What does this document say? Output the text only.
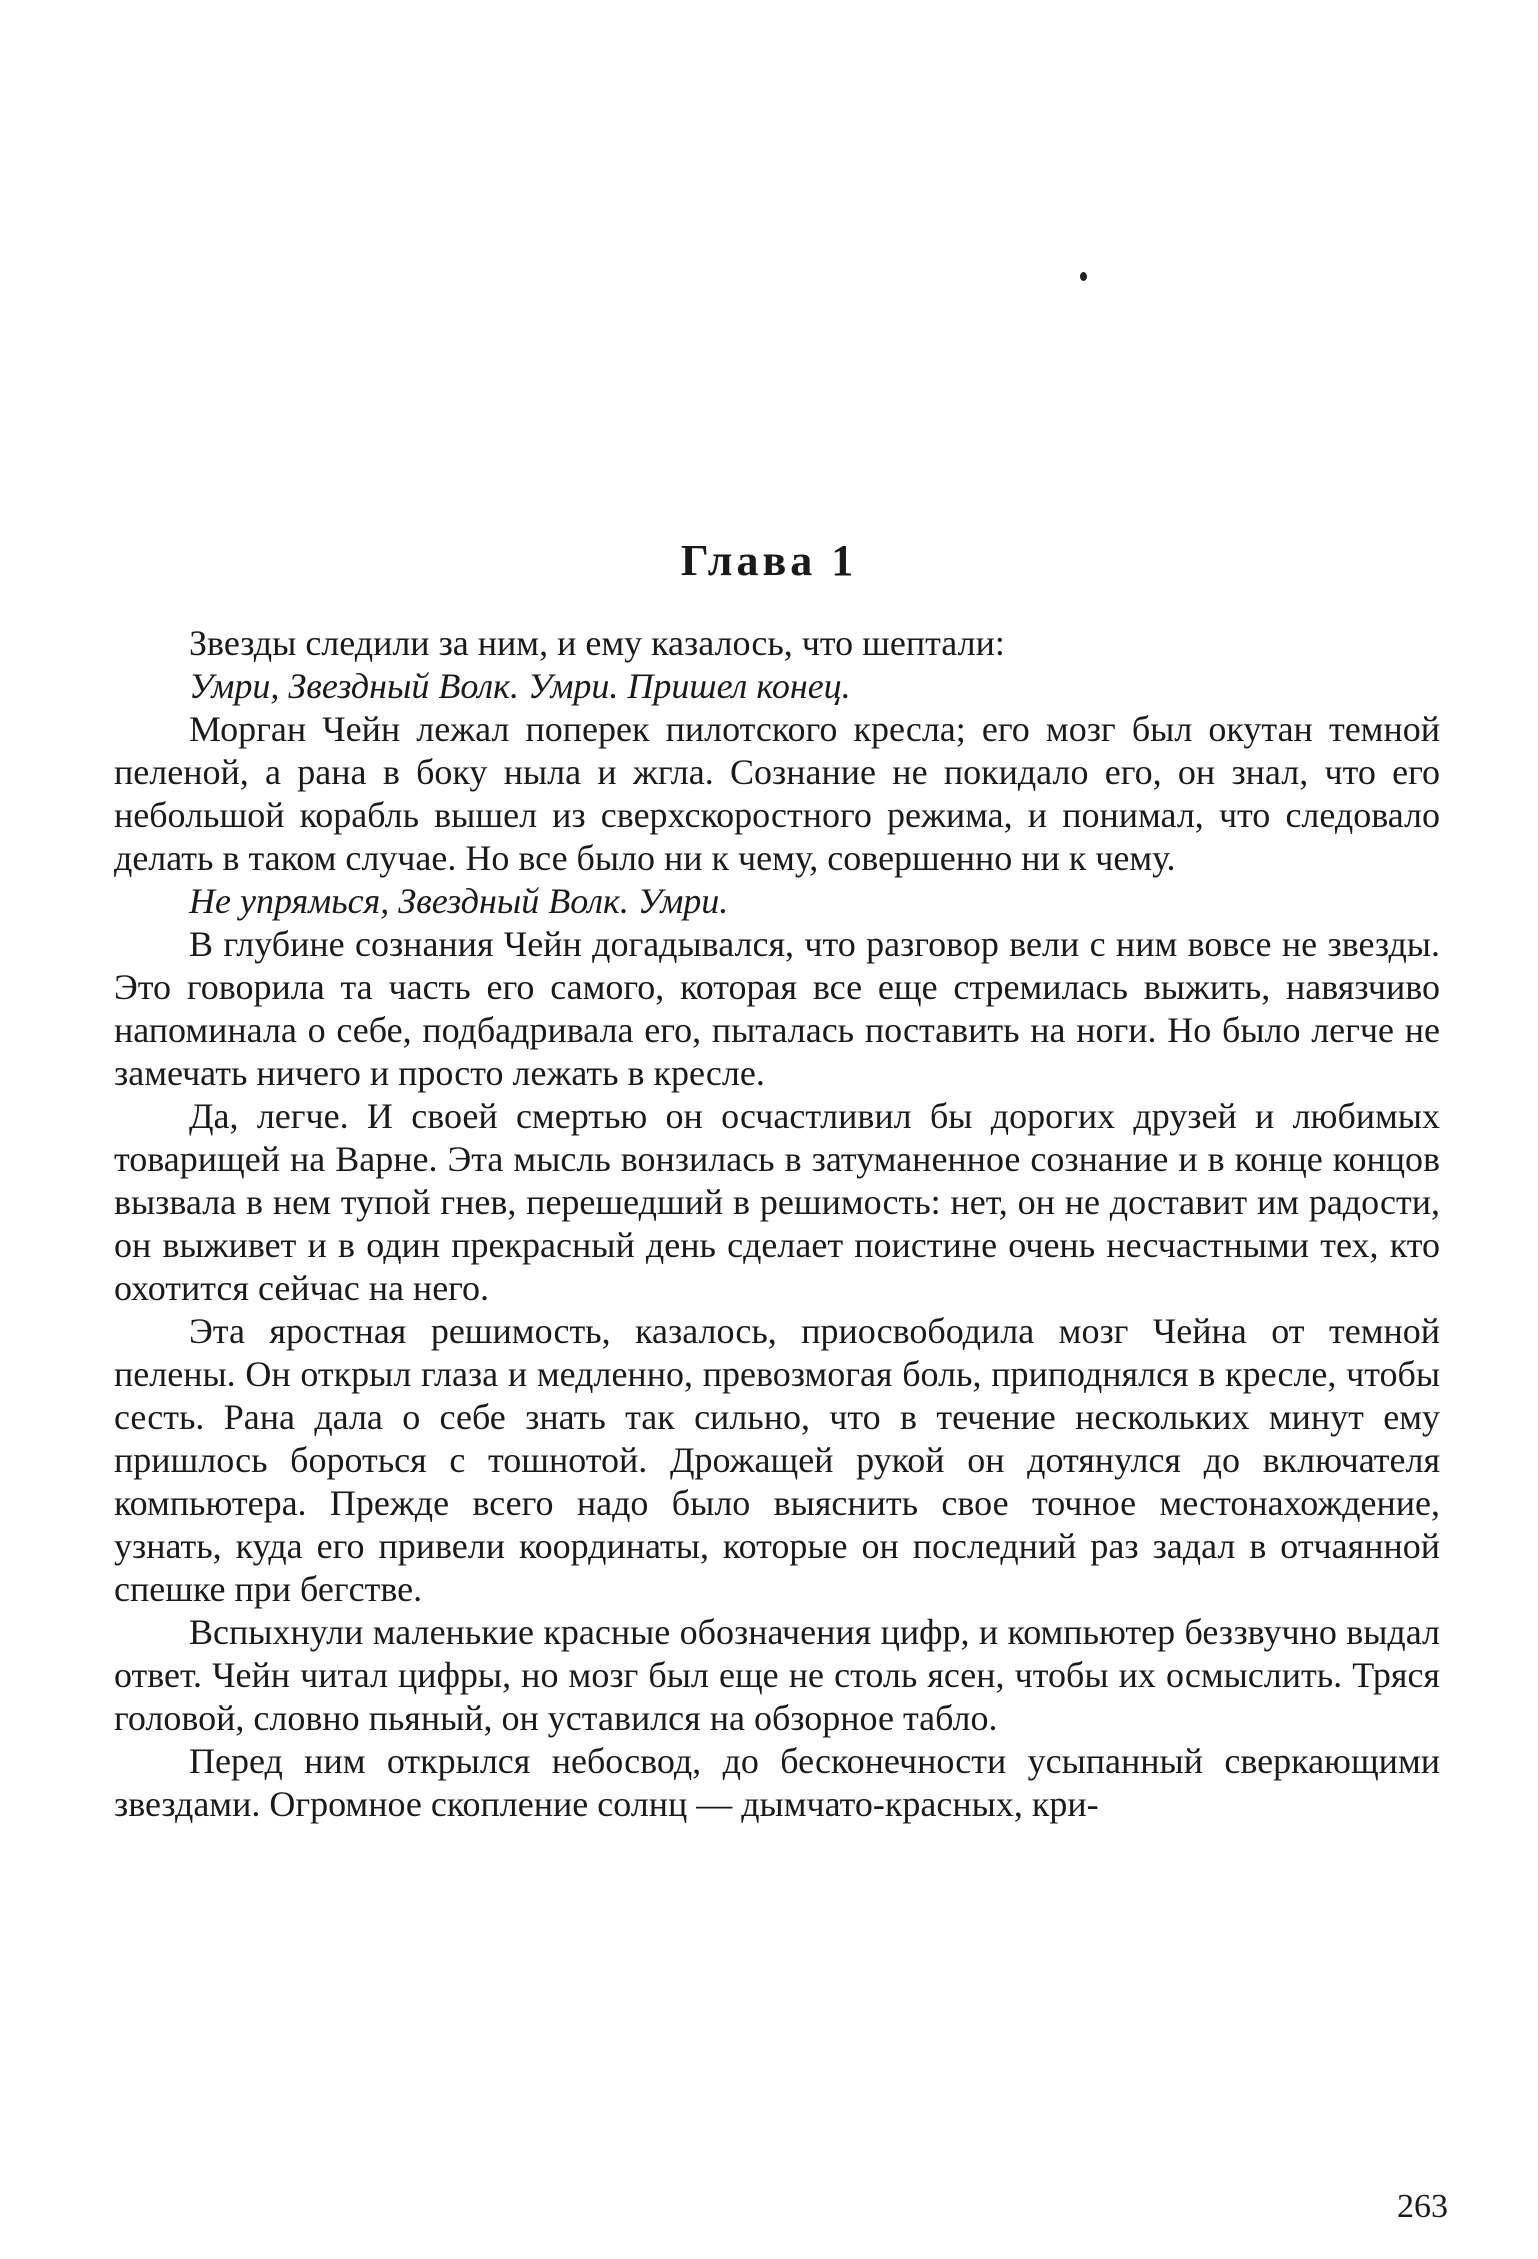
Глава 1

Звезды следили за ним, и ему казалось, что шептали:

Умри, Звездный Волк. Умри. Пришел конец.

Морган Чейн лежал поперек пилотского кресла; его мозг был окутан темной пеленой, а рана в боку ныла и жгла. Сознание не покидало его, он знал, что его небольшой корабль вышел из сверхскоростного режима, и понимал, что следовало делать в таком случае. Но все было ни к чему, совершенно ни к чему.

Не упрямься, Звездный Волк. Умри.

В глубине сознания Чейн догадывался, что разговор вели с ним вовсе не звезды. Это говорила та часть его самого, которая все еще стремилась выжить, навязчиво напоминала о себе, подбадривала его, пыталась поставить на ноги. Но было легче не замечать ничего и просто лежать в кресле.

Да, легче. И своей смертью он осчастливил бы дорогих друзей и любимых товарищей на Варне. Эта мысль вонзилась в затуманенное сознание и в конце концов вызвала в нем тупой гнев, перешедший в решимость: нет, он не доставит им радости, он выживет и в один прекрасный день сделает поистине очень несчастными тех, кто охотится сейчас на него.

Эта яростная решимость, казалось, приосвободила мозг Чейна от темной пелены. Он открыл глаза и медленно, превозмогая боль, приподнялся в кресле, чтобы сесть. Рана дала о себе знать так сильно, что в течение нескольких минут ему пришлось бороться с тошнотой. Дрожащей рукой он дотянулся до включателя компьютера. Прежде всего надо было выяснить свое точное местонахождение, узнать, куда его привели координаты, которые он последний раз задал в отчаянной спешке при бегстве.

Вспыхнули маленькие красные обозначения цифр, и компьютер беззвучно выдал ответ. Чейн читал цифры, но мозг был еще не столь ясен, чтобы их осмыслить. Тряся головой, словно пьяный, он уставился на обзорное табло.

Перед ним открылся небосвод, до бесконечности усыпанный сверкающими звездами. Огромное скопление солнц — дымчато-красных, кри-

263
